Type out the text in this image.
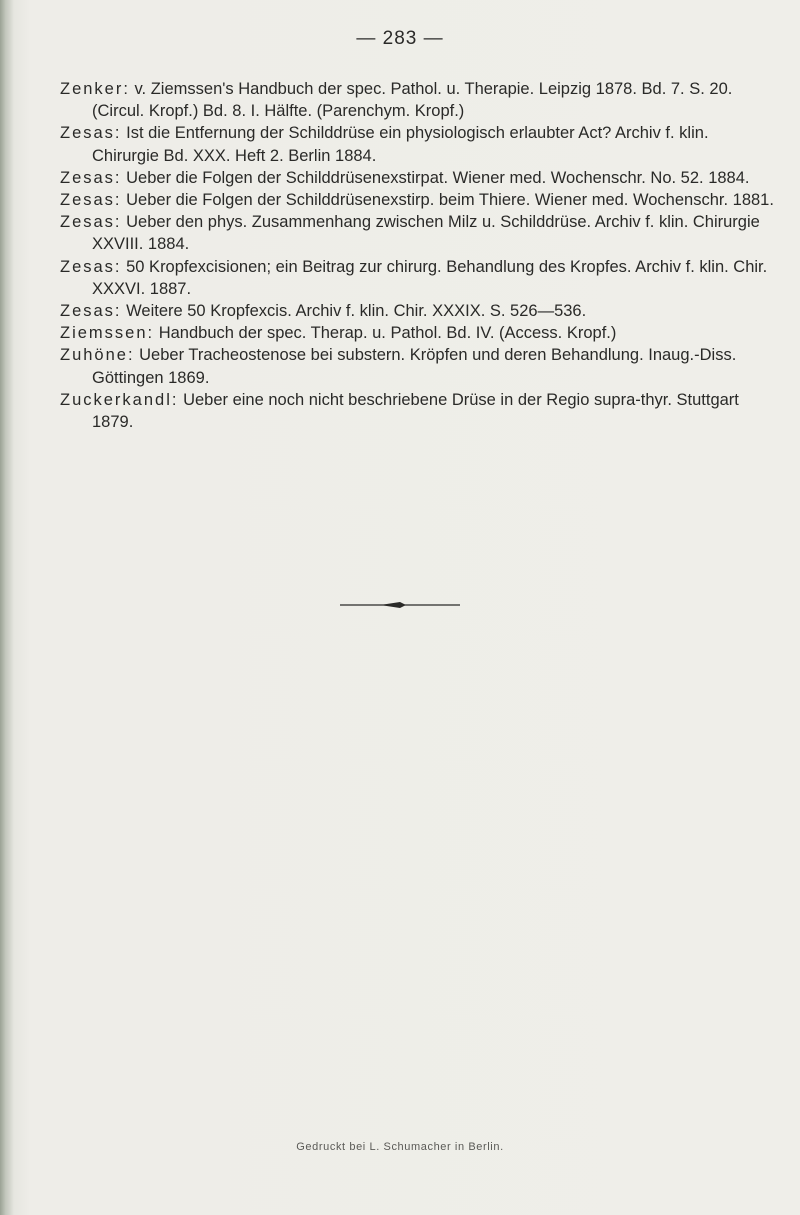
— 283 —
Zenker: v. Ziemssen's Handbuch der spec. Pathol. u. Therapie. Leipzig 1878. Bd. 7. S. 20. (Circul. Kropf.) Bd. 8. I. Hälfte. (Parenchym. Kropf.)
Zesas: Ist die Entfernung der Schilddrüse ein physiologisch erlaubter Act? Archiv f. klin. Chirurgie Bd. XXX. Heft 2. Berlin 1884.
Zesas: Ueber die Folgen der Schilddrüsenexstirpat. Wiener med. Wochenschr. No. 52. 1884.
Zesas: Ueber die Folgen der Schilddrüsenexstirp. beim Thiere. Wiener med. Wochenschr. 1881.
Zesas: Ueber den phys. Zusammenhang zwischen Milz u. Schilddrüse. Archiv f. klin. Chirurgie XXVIII. 1884.
Zesas: 50 Kropfexcisionen; ein Beitrag zur chirurg. Behandlung des Kropfes. Archiv f. klin. Chir. XXXVI. 1887.
Zesas: Weitere 50 Kropfexcis. Archiv f. klin. Chir. XXXIX. S. 526—536.
Ziemssen: Handbuch der spec. Therap. u. Pathol. Bd. IV. (Access. Kropf.)
Zuhöne: Ueber Tracheostenose bei substern. Kröpfen und deren Behandlung. Inaug.-Diss. Göttingen 1869.
Zuckerkandl: Ueber eine noch nicht beschriebene Drüse in der Regio supra-thyr. Stuttgart 1879.
Gedruckt bei L. Schumacher in Berlin.
